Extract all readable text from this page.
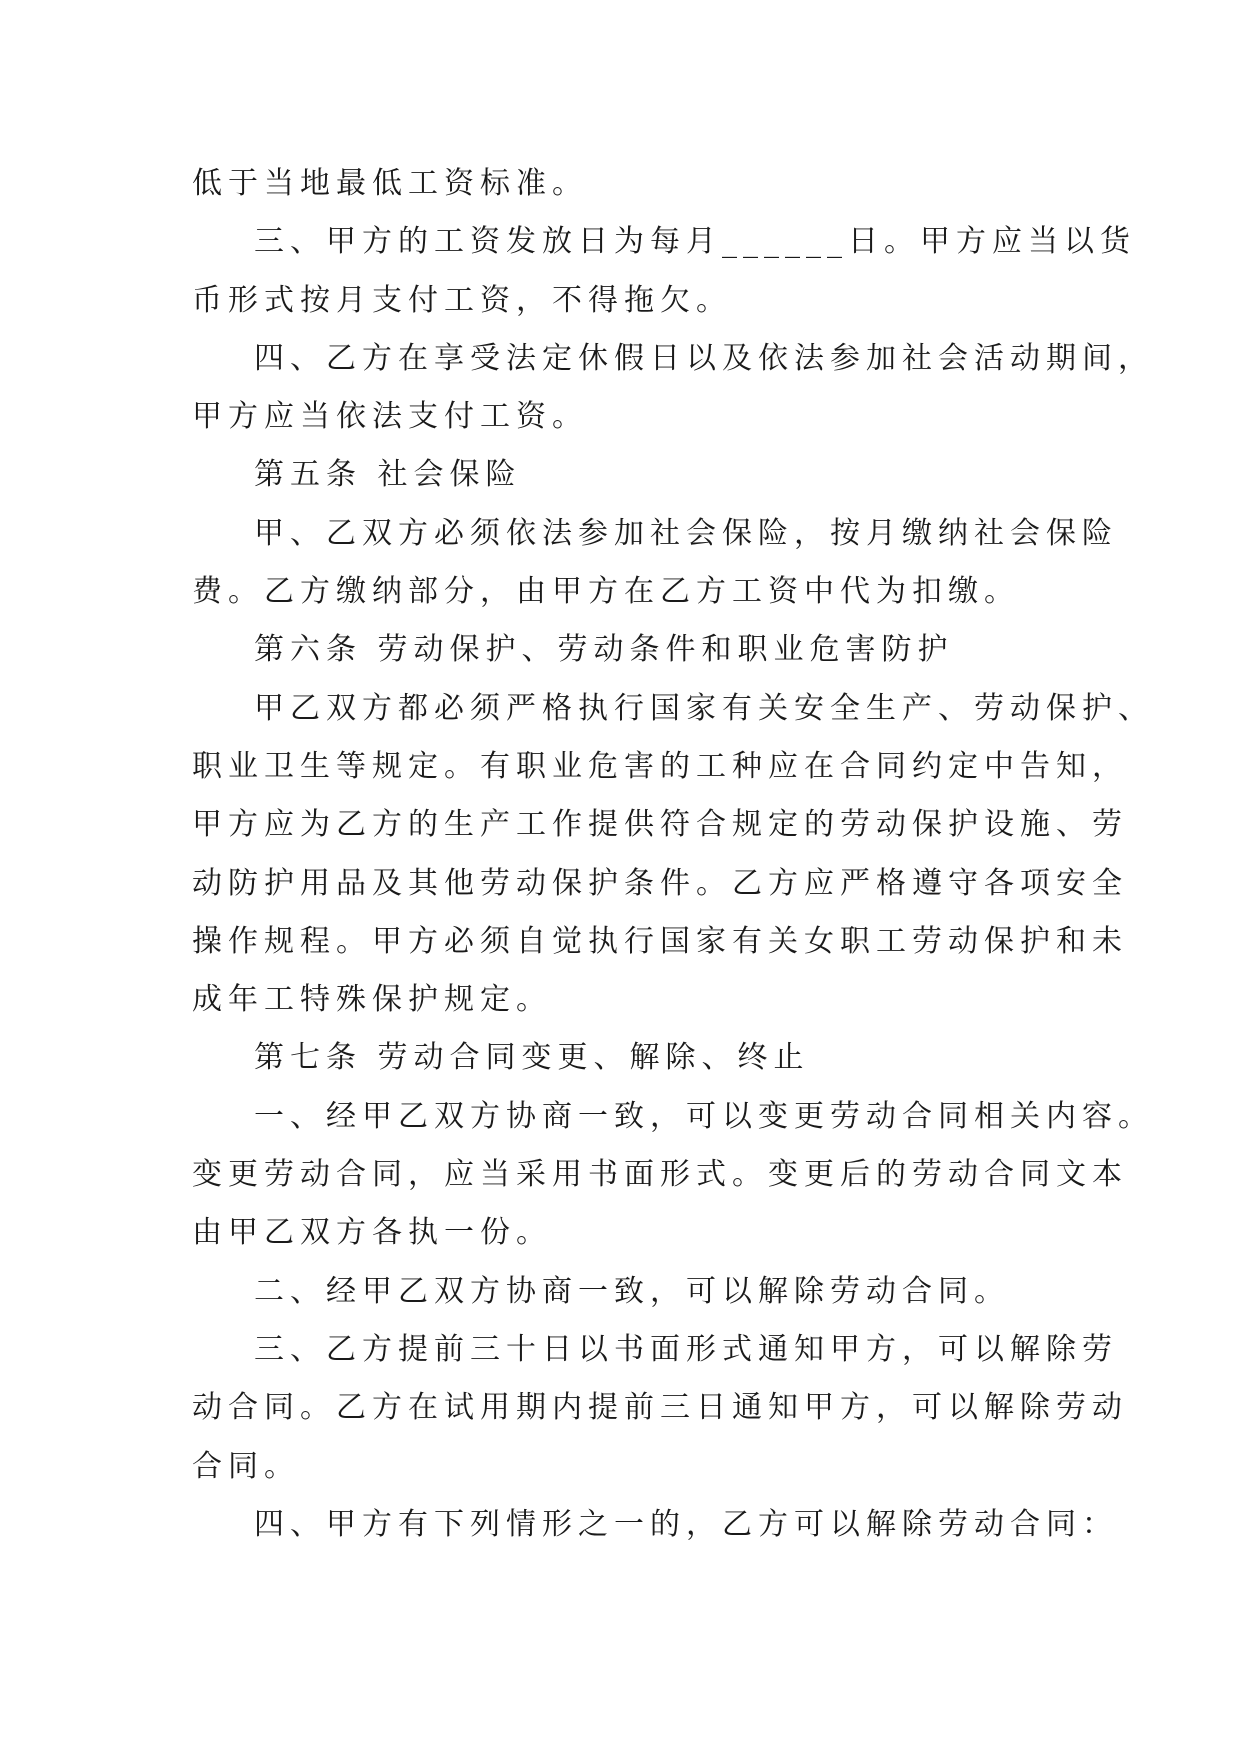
低于当地最低工资标准。
三、甲方的工资发放日为每月______日。甲方应当以货
币形式按月支付工资，不得拖欠。
四、乙方在享受法定休假日以及依法参加社会活动期间，
甲方应当依法支付工资。
第五条 社会保险
甲、乙双方必须依法参加社会保险，按月缴纳社会保险
费。乙方缴纳部分，由甲方在乙方工资中代为扣缴。
第六条 劳动保护、劳动条件和职业危害防护
甲乙双方都必须严格执行国家有关安全生产、劳动保护、
职业卫生等规定。有职业危害的工种应在合同约定中告知，
甲方应为乙方的生产工作提供符合规定的劳动保护设施、劳
动防护用品及其他劳动保护条件。乙方应严格遵守各项安全
操作规程。甲方必须自觉执行国家有关女职工劳动保护和未
成年工特殊保护规定。
第七条 劳动合同变更、解除、终止
一、经甲乙双方协商一致，可以变更劳动合同相关内容。
变更劳动合同，应当采用书面形式。变更后的劳动合同文本
由甲乙双方各执一份。
二、经甲乙双方协商一致，可以解除劳动合同。
三、乙方提前三十日以书面形式通知甲方，可以解除劳
动合同。乙方在试用期内提前三日通知甲方，可以解除劳动
合同。
四、甲方有下列情形之一的，乙方可以解除劳动合同：
